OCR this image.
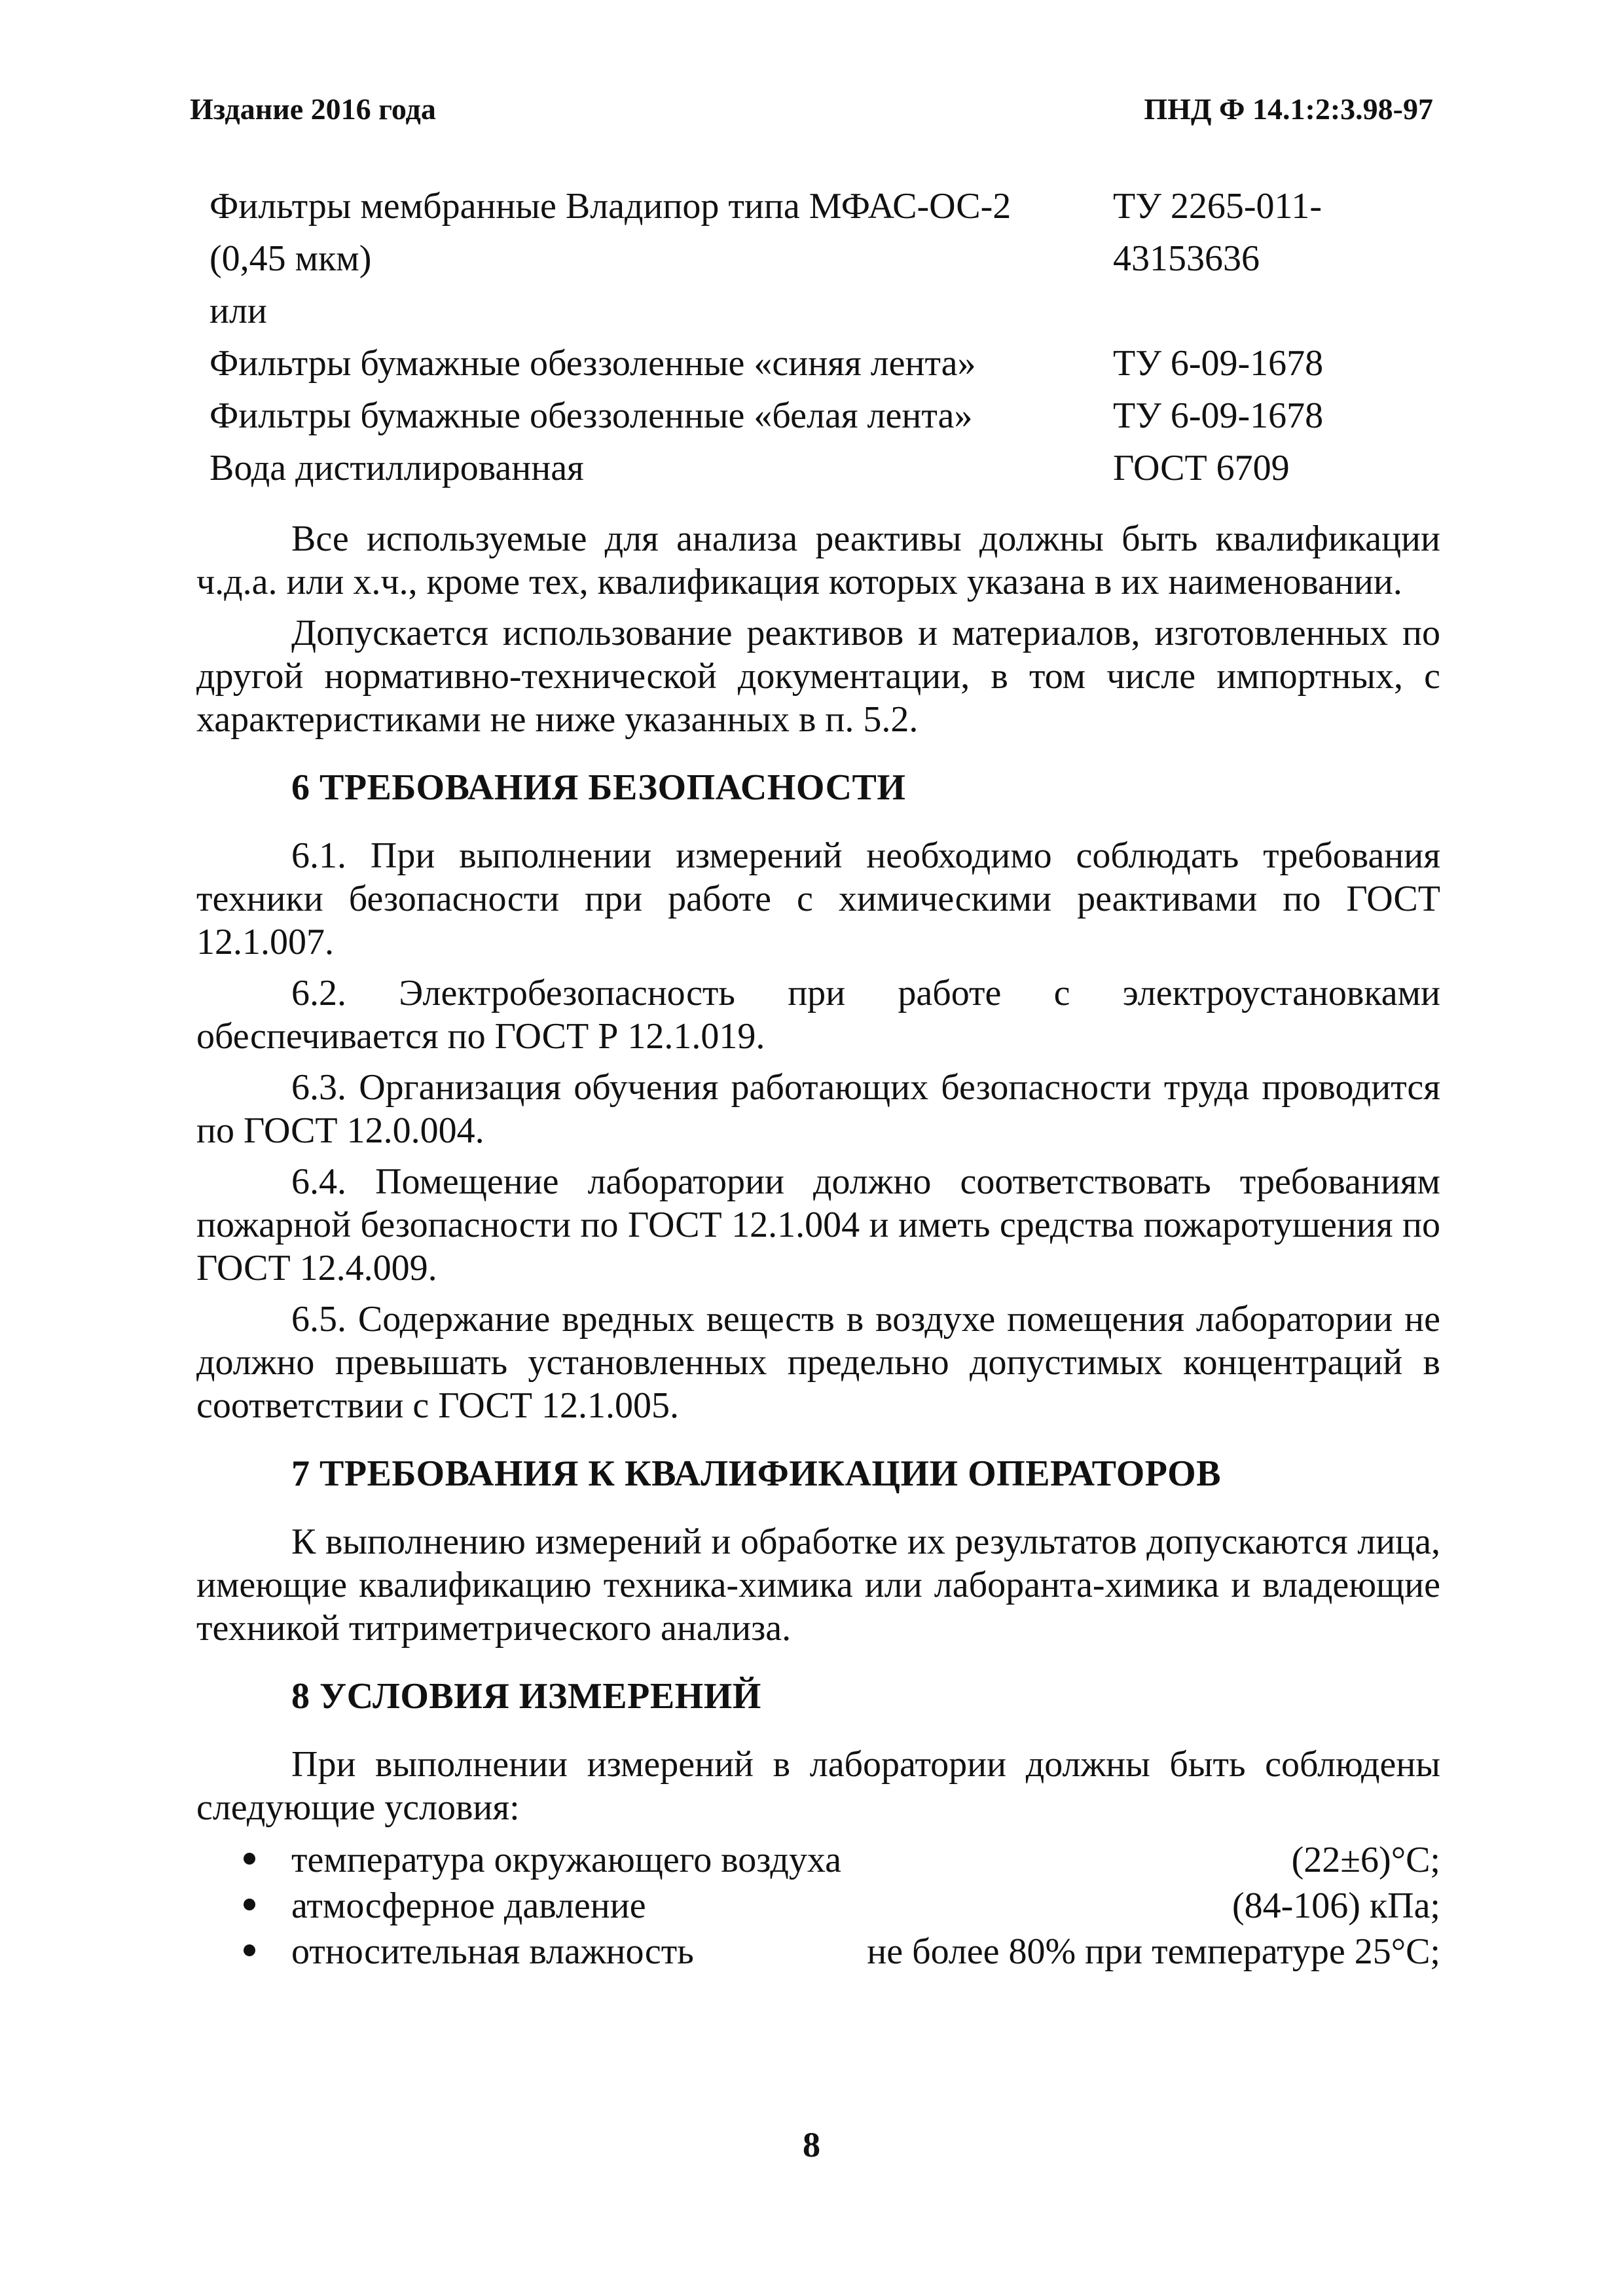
Издание 2016 года	ПНД Ф 14.1:2:3.98-97
Фильтры мембранные Владипор типа МФАС-ОС-2	ТУ 2265-011-
(0,45 мкм)	43153636
или
Фильтры бумажные обеззоленные «синяя лента»	ТУ 6-09-1678
Фильтры бумажные обеззоленные «белая лента»	ТУ 6-09-1678
Вода дистиллированная	ГОСТ 6709

Все используемые для анализа реактивы должны быть квалификации ч.д.а. или х.ч., кроме тех, квалификация которых указана в их наименовании.

Допускается использование реактивов и материалов, изготовленных по другой нормативно-технической документации, в том числе импортных, с характеристиками не ниже указанных в п. 5.2.

6 ТРЕБОВАНИЯ БЕЗОПАСНОСТИ

6.1. При выполнении измерений необходимо соблюдать требования техники безопасности при работе с химическими реактивами по ГОСТ 12.1.007.

6.2. Электробезопасность при работе с электроустановками обеспечивается по ГОСТ Р 12.1.019.

6.3. Организация обучения работающих безопасности труда проводится по ГОСТ 12.0.004.

6.4. Помещение лаборатории должно соответствовать требованиям пожарной безопасности по ГОСТ 12.1.004 и иметь средства пожаротушения по ГОСТ 12.4.009.

6.5. Содержание вредных веществ в воздухе помещения лаборатории не должно превышать установленных предельно допустимых концентраций в соответствии с ГОСТ 12.1.005.

7 ТРЕБОВАНИЯ К КВАЛИФИКАЦИИ ОПЕРАТОРОВ

К выполнению измерений и обработке их результатов допускаются лица, имеющие квалификацию техника-химика или лаборанта-химика и владеющие техникой титриметрического анализа.

8 УСЛОВИЯ ИЗМЕРЕНИЙ

При выполнении измерений в лаборатории должны быть соблюдены следующие условия:

температура окружающего воздуха	(22±6)°С;
атмосферное давление	(84-106) кПа;
относительная влажность	не более 80% при температуре 25°С;
8
